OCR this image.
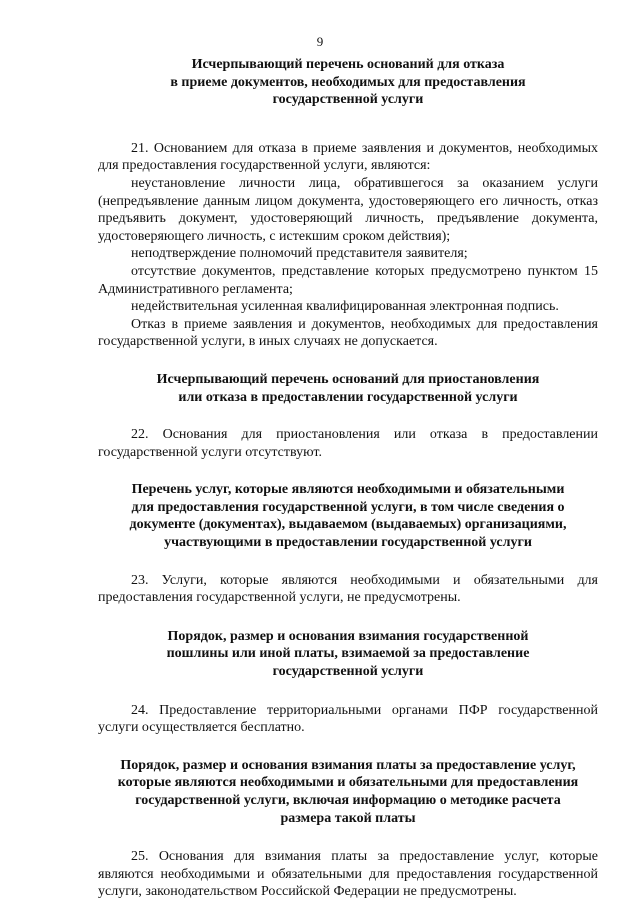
9
Исчерпывающий перечень оснований для отказа
в приеме документов, необходимых для предоставления
государственной услуги

21. Основанием для отказа в приеме заявления и документов, необходимых для предоставления государственной услуги, являются:

неустановление личности лица, обратившегося за оказанием услуги (непредъявление данным лицом документа, удостоверяющего его личность, отказ предъявить документ, удостоверяющий личность, предъявление документа, удостоверяющего личность, с истекшим сроком действия);

неподтверждение полномочий представителя заявителя;

отсутствие документов, представление которых предусмотрено пунктом 15 Административного регламента;

недействительная усиленная квалифицированная электронная подпись.

Отказ в приеме заявления и документов, необходимых для предоставления государственной услуги, в иных случаях не допускается.

Исчерпывающий перечень оснований для приостановления
или отказа в предоставлении государственной услуги

22. Основания для приостановления или отказа в предоставлении государственной услуги отсутствуют.

Перечень услуг, которые являются необходимыми и обязательными
для предоставления государственной услуги, в том числе сведения о
документе (документах), выдаваемом (выдаваемых) организациями,
участвующими в предоставлении государственной услуги

23. Услуги, которые являются необходимыми и обязательными для предоставления государственной услуги, не предусмотрены.

Порядок, размер и основания взимания государственной
пошлины или иной платы, взимаемой за предоставление
государственной услуги

24. Предоставление территориальными органами ПФР государственной услуги осуществляется бесплатно.

Порядок, размер и основания взимания платы за предоставление услуг,
которые являются необходимыми и обязательными для предоставления
государственной услуги, включая информацию о методике расчета
размера такой платы

25. Основания для взимания платы за предоставление услуг, которые являются необходимыми и обязательными для предоставления государственной услуги, законодательством Российской Федерации не предусмотрены.
